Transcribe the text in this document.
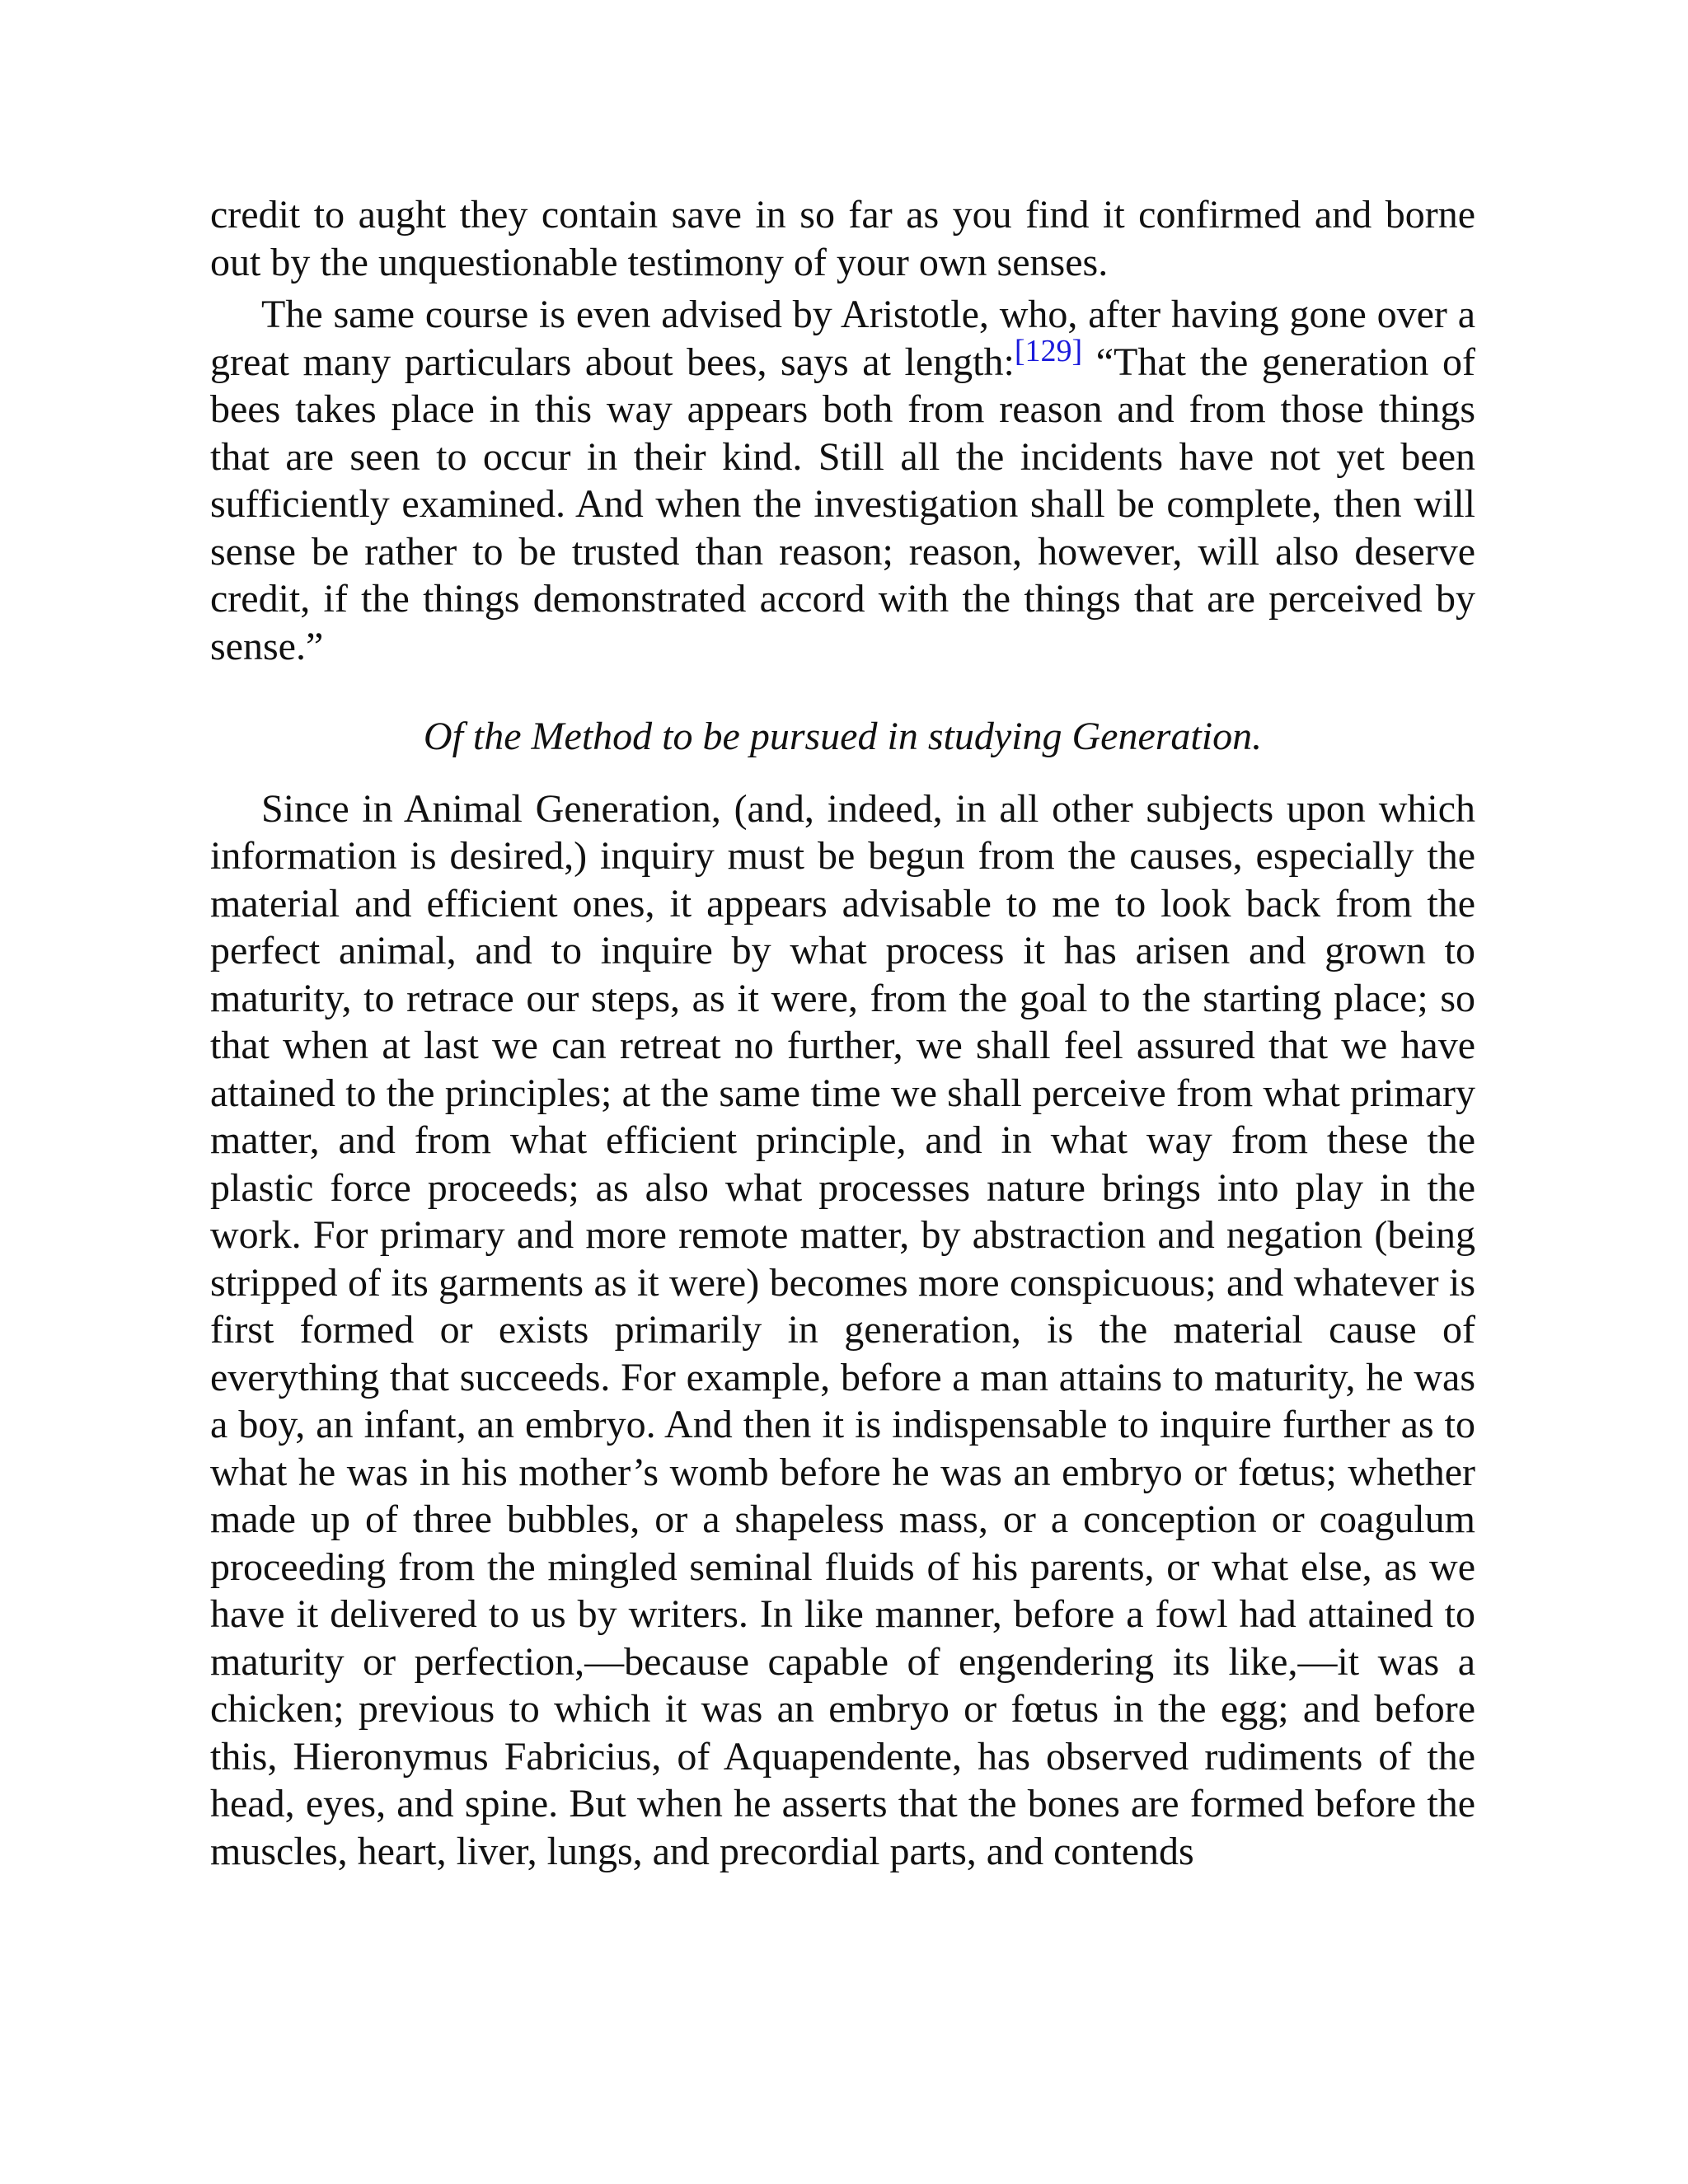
credit to aught they contain save in so far as you find it confirmed and borne out by the unquestionable testimony of your own senses.

The same course is even advised by Aristotle, who, after having gone over a great many particulars about bees, says at length:[129] “That the generation of bees takes place in this way appears both from reason and from those things that are seen to occur in their kind. Still all the incidents have not yet been sufficiently examined. And when the investigation shall be complete, then will sense be rather to be trusted than reason; reason, however, will also deserve credit, if the things demonstrated accord with the things that are perceived by sense.”

Of the Method to be pursued in studying Generation.

Since in Animal Generation, (and, indeed, in all other subjects upon which information is desired,) inquiry must be begun from the causes, especially the material and efficient ones, it appears advisable to me to look back from the perfect animal, and to inquire by what process it has arisen and grown to maturity, to retrace our steps, as it were, from the goal to the starting place; so that when at last we can retreat no further, we shall feel assured that we have attained to the principles; at the same time we shall perceive from what primary matter, and from what efficient principle, and in what way from these the plastic force proceeds; as also what processes nature brings into play in the work. For primary and more remote matter, by abstraction and negation (being stripped of its garments as it were) becomes more conspicuous; and whatever is first formed or exists primarily in generation, is the material cause of everything that succeeds. For example, before a man attains to maturity, he was a boy, an infant, an embryo. And then it is indispensable to inquire further as to what he was in his mother’s womb before he was an embryo or fœtus; whether made up of three bubbles, or a shapeless mass, or a conception or coagulum proceeding from the mingled seminal fluids of his parents, or what else, as we have it delivered to us by writers. In like manner, before a fowl had attained to maturity or perfection,—because capable of engendering its like,—it was a chicken; previous to which it was an embryo or fœtus in the egg; and before this, Hieronymus Fabricius, of Aquapendente, has observed rudiments of the head, eyes, and spine. But when he asserts that the bones are formed before the muscles, heart, liver, lungs, and precordial parts, and contends
